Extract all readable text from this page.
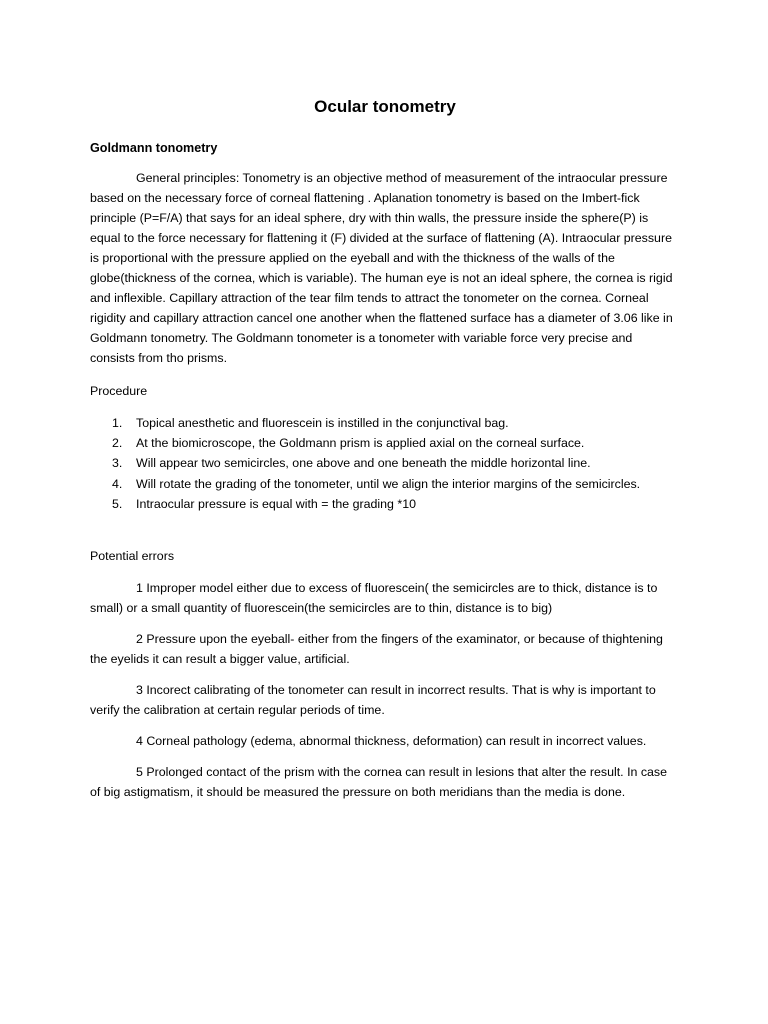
Ocular tonometry
Goldmann tonometry

General principles: Tonometry is an objective method of measurement of the intraocular pressure based on the necessary force of corneal flattening . Aplanation tonometry is based on the Imbert-fick principle (P=F/A) that says for an ideal sphere, dry with thin walls, the pressure inside the sphere(P) is equal to the force necessary for flattening it (F) divided at the surface of flattening (A). Intraocular pressure is proportional with the pressure applied on the eyeball and with the thickness of the walls of the globe(thickness of the cornea, which is variable). The human eye is not an ideal sphere, the cornea is rigid and inflexible. Capillary attraction of the tear film tends to attract the tonometer on the cornea. Corneal rigidity and capillary attraction cancel one another when the flattened surface has a diameter of 3.06 like in Goldmann tonometry. The Goldmann tonometer is a tonometer with variable force very precise and consists from tho prisms.

Procedure

1. Topical anesthetic and fluorescein is instilled in the conjunctival bag.
2. At the biomicroscope, the Goldmann prism is applied axial on the corneal surface.
3. Will appear two semicircles, one above and one beneath the middle horizontal line.
4. Will rotate the grading of the tonometer, until we align the interior margins of the semicircles.
5. Intraocular pressure is equal with = the grading *10

Potential errors

1 Improper model either due to excess of fluorescein( the semicircles are to thick, distance is to small) or a small quantity of fluorescein(the semicircles are to thin, distance is to big)

2 Pressure upon the eyeball- either from the fingers of the examinator, or because of thightening the eyelids it can result a bigger value, artificial.

3 Incorect calibrating of the tonometer can result in incorrect results. That is why is important to verify the calibration at certain regular periods of time.

4 Corneal pathology (edema, abnormal thickness, deformation) can result in incorrect values.

5 Prolonged contact of the prism with the cornea can result in lesions that alter the result. In case of big astigmatism, it should be measured the pressure on both meridians than the media is done.
